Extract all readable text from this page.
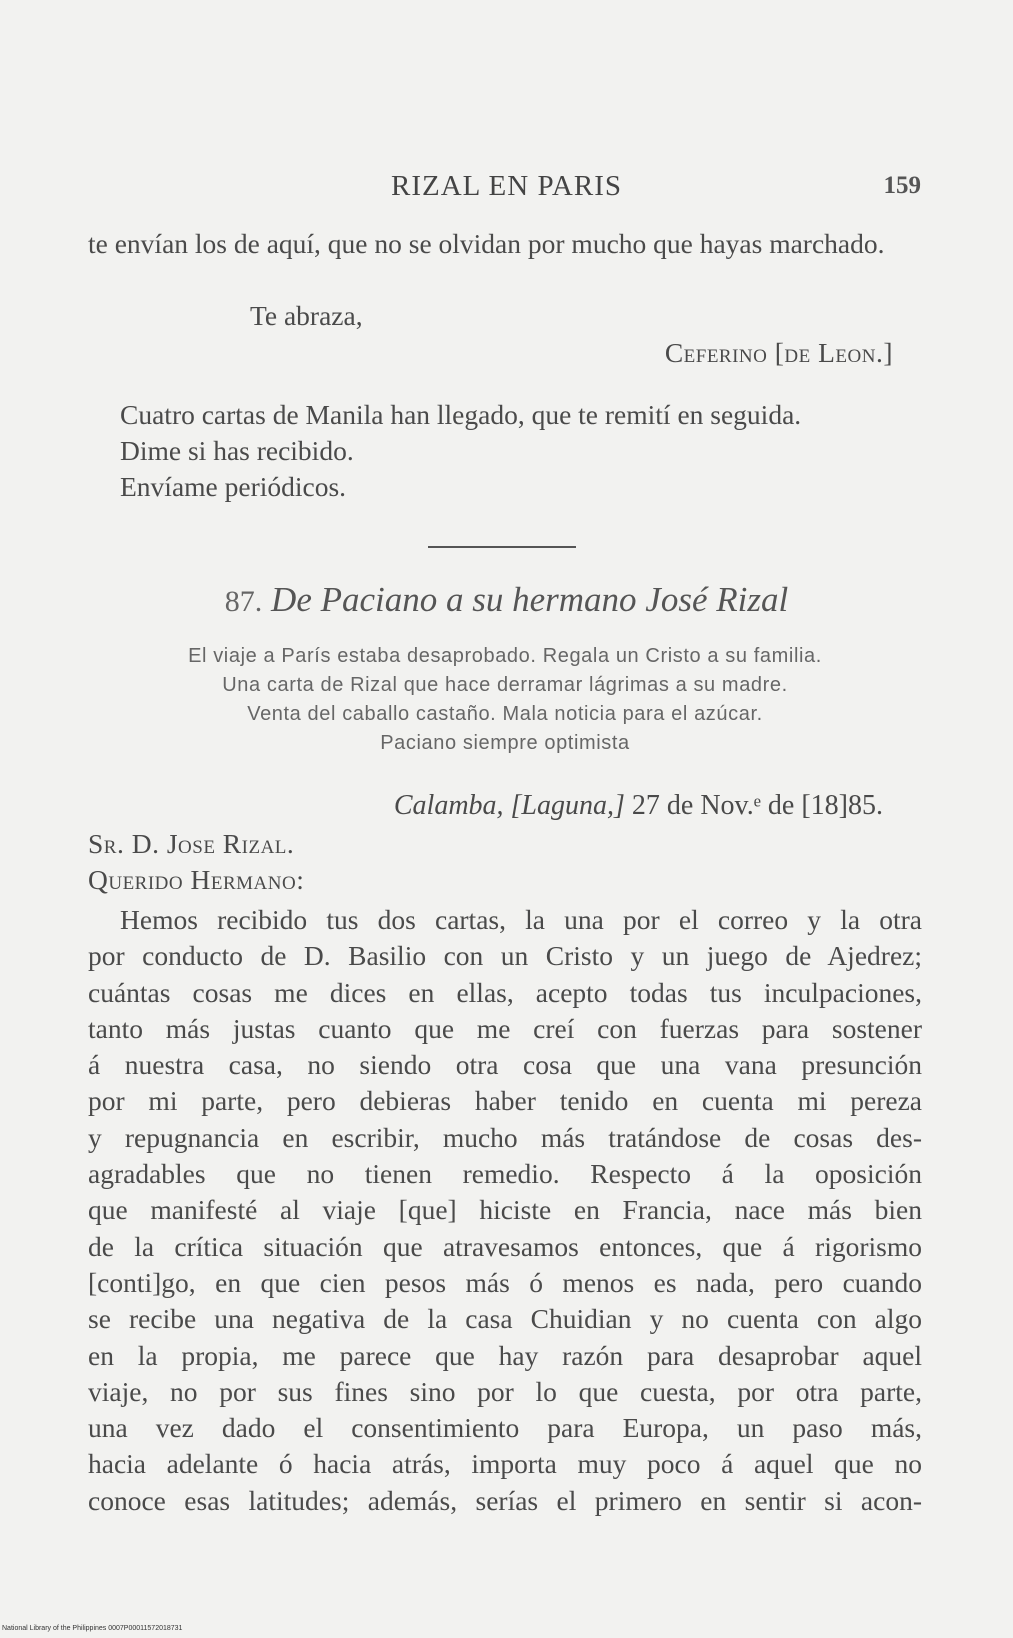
RIZAL EN PARIS	159
te envían los de aquí, que no se olvidan por mucho que hayas marchado.
Te abraza,
Ceferino [de Leon.]
Cuatro cartas de Manila han llegado, que te remití en seguida.
Dime si has recibido.
Envíame periódicos.
87. De Paciano a su hermano José Rizal
El viaje a París estaba desaprobado. Regala un Cristo a su familia.
Una carta de Rizal que hace derramar lágrimas a su madre.
Venta del caballo castaño. Mala noticia para el azúcar.
Paciano siempre optimista
Calamba, [Laguna,] 27 de Nov.ᵉ de [18]85.
Sr. D. Jose Rizal.
Querido Hermano:
Hemos recibido tus dos cartas, la una por el correo y la otra
por conducto de D. Basilio con un Cristo y un juego de Ajedrez;
cuántas cosas me dices en ellas, acepto todas tus inculpaciones,
tanto más justas cuanto que me creí con fuerzas para sostener
á nuestra casa, no siendo otra cosa que una vana presunción
por mi parte, pero debieras haber tenido en cuenta mi pereza
y repugnancia en escribir, mucho más tratándose de cosas des-
agradables que no tienen remedio. Respecto á la oposición
que manifesté al viaje [que] hiciste en Francia, nace más bien
de la crítica situación que atravesamos entonces, que á rigorismo
[conti]go, en que cien pesos más ó menos es nada, pero cuando
se recibe una negativa de la casa Chuidian y no cuenta con algo
en la propia, me parece que hay razón para desaprobar aquel
viaje, no por sus fines sino por lo que cuesta, por otra parte,
una vez dado el consentimiento para Europa, un paso más,
hacia adelante ó hacia atrás, importa muy poco á aquel que no
conoce esas latitudes; además, serías el primero en sentir si acon-
National Library of the Philippines 0007P00011572018731
